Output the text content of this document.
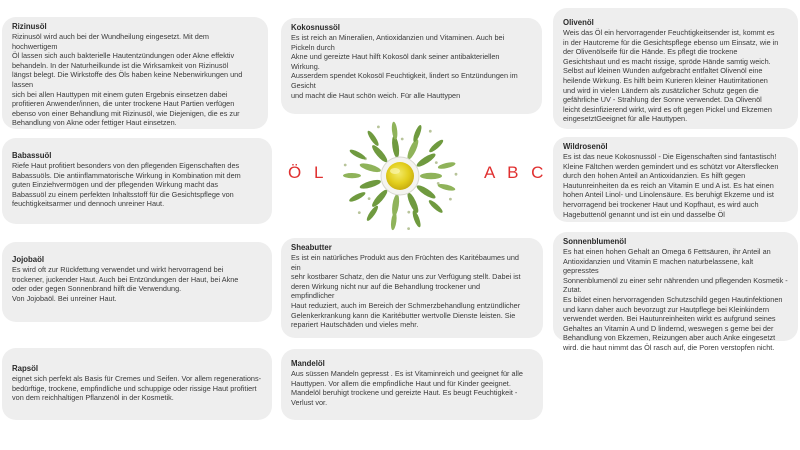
Rizinusöl

Rizinusöl wird auch bei der Wundheilung eingesetzt. Mit dem
hochwertigem
Öl lassen sich auch bakterielle Hautentzündungen oder Akne effektiv
behandeln. In der Naturheilkunde ist die Wirksamkeit von Rizinusöl
längst belegt. Die Wirkstoffe des Öls haben keine Nebenwirkungen und
lassen
sich bei allen Hauttypen mit einem guten Ergebnis einsetzen dabei
profitieren Anwender/innen, die unter trockene Haut Partien verfügen
ebenso von einer Behandlung mit Rizinusöl, wie Diejenigen, die es zur
Behandlung von Akne oder fettiger Haut einsetzen.

Kokosnussöl

Es ist reich an Mineralien, Antioxidanzien und Vitaminen. Auch bei
Pickeln durch
Akne und gereizte Haut hilft Kokosöl dank seiner antibakteriellen
Wirkung.
Ausserdem spendet Kokosöl Feuchtigkeit, lindert so Entzündungen im
Gesicht
und macht die Haut schön weich. Für alle Hauttypen

Olivenöl

Weis das Öl ein hervorragender Feuchtigkeitsender ist, kommt es
in der Hautcreme für die Gesichtspflege ebenso um Einsatz, wie in
der Olivenölseife für die Hände. Es pflegt die trockene
Gesichtshaut und es macht rissige, spröde Hände samtig weich.
Selbst auf kleinen Wunden aufgebracht entfaltet Olivenöl eine
heilende Wirkung. Es hilft beim Kurieren kleiner Hautirritationen
und wird in vielen Ländern als zusätzlicher Schutz gegen die
gefährliche UV - Strahlung der Sonne verwendet. Da Olivenöl
leicht desinfizierend wirkt, wird es oft gegen Pickel und Ekzemen
eingesetztGeeignet für alle Hauttypen.

Babassuöl

Riefe Haut profitiert besonders von den pflegenden Eigenschaften des
Babassuöls. Die antiinflammatorische Wirkung in Kombination mit dem
guten Einziehvermögen und der pflegenden Wirkung macht das
Babassuöl zu einem perfekten Inhaltsstoff für die Gesichtspflege von
feuchtigkeitsarmer und dennoch unreiner Haut.

Wildrosenöl

Es ist das neue Kokosnussöl - Die Eigenschaften sind fantastisch!
Kleine Fältchen werden gemindert und es schützt vor Altersflecken
durch den hohen Anteil an Antioxidanzien. Es hilft gegen
Hautunreinheiten da es reich an Vitamin E und A ist. Es hat einen
hohen Anteil Linol- und Linolensäure. Es beruhigt Ekzeme und ist
hervorragend bei trockener Haut und Kopfhaut, es wird auch
Hagebuttenöl genannt und ist ein und dasselbe Öl

Jojobaöl

Es wird oft zur Rückfettung verwendet und wirkt hervorragend bei
trockener, juckender Haut. Auch bei Entzündungen der Haut, bei Akne
oder oder gegen Sonnenbrand hilft die Verwendung.
Von Jojobaöl. Bei unreiner Haut.

Sheabutter

Es ist ein natürliches Produkt aus den Früchten des Karitébaumes und
ein
sehr kostbarer Schatz, den die Natur uns zur Verfügung stellt. Dabei ist
deren Wirkung nicht nur auf die Behandlung trockener und
empfindlicher
Haut reduziert, auch im Bereich der Schmerzbehandlung entzündlicher
Gelenkerkrankung kann die Karitébutter wertvolle Dienste leisten. Sie
repariert Hautschäden und vieles mehr.

Sonnenblumenöl

Es hat einen hohen Gehalt an Omega 6 Fettsäuren, ihr Anteil an
Antioxidanzien und Vitamin E machen naturbelassene, kalt gepresstes
Sonnenblumenöl zu einer sehr nährenden und pflegenden Kosmetik -
Zutat.
Es bildet einen hervorragenden Schutzschild gegen Hautinfektionen
und kann daher auch bevorzugt zur Hautpflege bei Kleinkindern
verwendet werden. Bei Hautunreinheiten wirkt es aufgrund seines
Gehaltes an Vitamin A und D lindernd, weswegen s gerne bei der
Behandlung von Ekzemen, Reizungen aber auch Anke eingesetzt
wird. die haut nimmt das Öl rasch auf, die Poren verstopfen nicht.

Rapsöl

eignet sich perfekt als Basis für Cremes und Seifen. Vor allem regenerations-
bedürftige, trockene, empfindliche und schuppige oder rissige Haut profitiert
von dem reichhaltigen Pflanzenöl in der Kosmetik.

Mandelöl

Aus süssen Mandeln gepresst . Es ist Vitaminreich und geeignet für alle
Hauttypen. Vor allem die empfindliche Haut und für Kinder geeignet.
Mandelöl beruhigt trockene und gereizte Haut. Es beugt Feuchtigkeit -
Verlust vor.

Ö L	A B C
